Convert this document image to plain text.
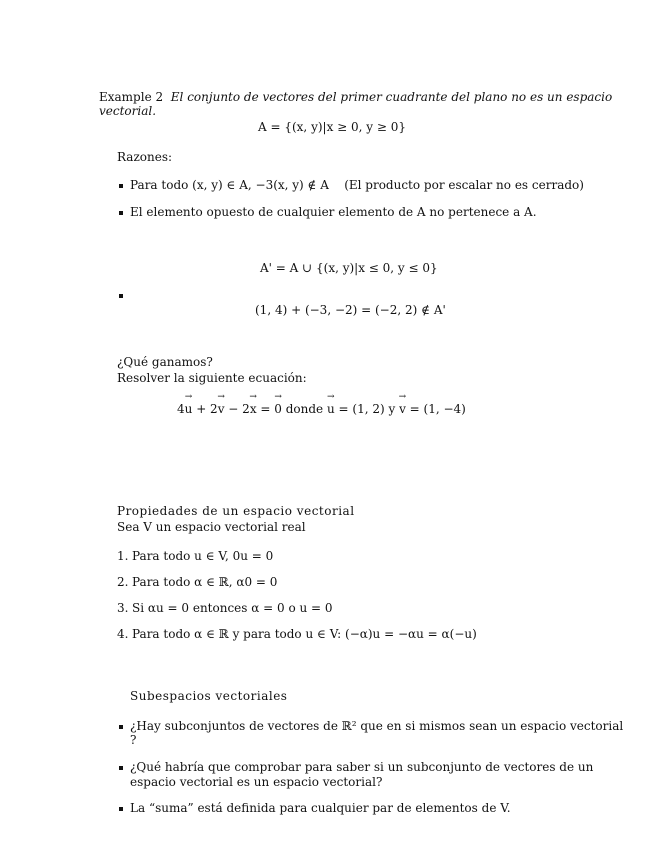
Example 2 El conjunto de vectores del primer cuadrante del plano no es un espacio
vectorial.
A = {(x, y)|x ≥ 0, y ≥ 0}
Razones:
Para todo (x, y) ∈ A, −3(x, y) ∉ A (El producto por escalar no es cerrado)
El elemento opuesto de cualquier elemento de A no pertenece a A.
A' = A ∪ {(x, y)|x ≤ 0, y ≤ 0}
(1, 4) + (−3, −2) = (−2, 2) ∉ A'
¿Qué ganamos?
Resolver la siguiente ecuación:
4→ u + 2→ v − 2→ x = → 0 donde → u = (1, 2) y → v = (1, −4)
Propiedades de un espacio vectorial
Sea V un espacio vectorial real
1. Para todo u ∈ V, 0u = 0
2. Para todo α ∈ ℝ, α0 = 0
3. Si αu = 0 entonces α = 0 o u = 0
4. Para todo α ∈ ℝ y para todo u ∈ V: (−α)u = −αu = α(−u)
Subespacios vectoriales
¿Hay subconjuntos de vectores de ℝ² que en si mismos sean un espacio vectorial
?
¿Qué habría que comprobar para saber si un subconjunto de vectores de un
espacio vectorial es un espacio vectorial?
La “suma” está definida para cualquier par de elementos de V.
